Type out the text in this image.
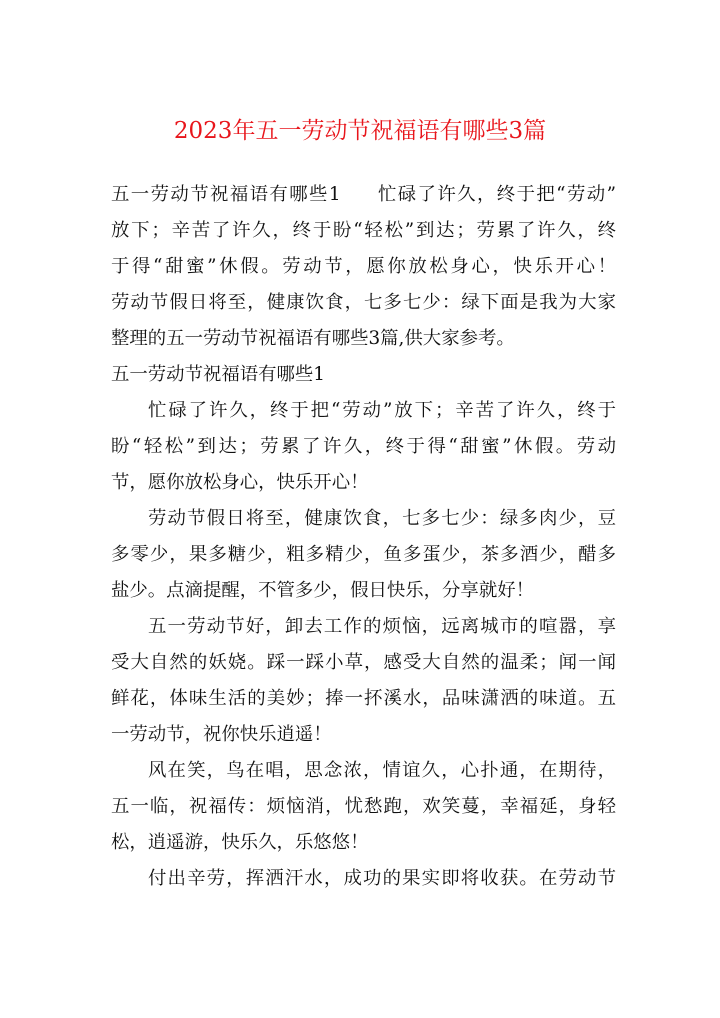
2023年五一劳动节祝福语有哪些3篇
五一劳动节祝福语有哪些1 忙碌了许久，终于把“劳动”
放下；辛苦了许久，终于盼“轻松”到达；劳累了许久，终
于得“甜蜜”休假。劳动节，愿你放松身心，快乐开心！
劳动节假日将至，健康饮食，七多七少：绿下面是我为大家
整理的五一劳动节祝福语有哪些3篇,供大家参考。
五一劳动节祝福语有哪些1
忙碌了许久，终于把“劳动”放下；辛苦了许久，终于
盼“轻松”到达；劳累了许久，终于得“甜蜜”休假。劳动
节，愿你放松身心，快乐开心！
劳动节假日将至，健康饮食，七多七少：绿多肉少，豆
多零少，果多糖少，粗多精少，鱼多蛋少，茶多酒少，醋多
盐少。点滴提醒，不管多少，假日快乐，分享就好！
五一劳动节好，卸去工作的烦恼，远离城市的喧嚣，享
受大自然的妖娆。踩一踩小草，感受大自然的温柔；闻一闻
鲜花，体味生活的美妙；捧一抔溪水，品味潇洒的味道。五
一劳动节，祝你快乐逍遥！
风在笑，鸟在唱，思念浓，情谊久，心扑通，在期待，
五一临，祝福传：烦恼消，忧愁跑，欢笑蔓，幸福延，身轻
松，逍遥游，快乐久，乐悠悠！
付出辛劳，挥洒汗水，成功的果实即将收获。在劳动节
